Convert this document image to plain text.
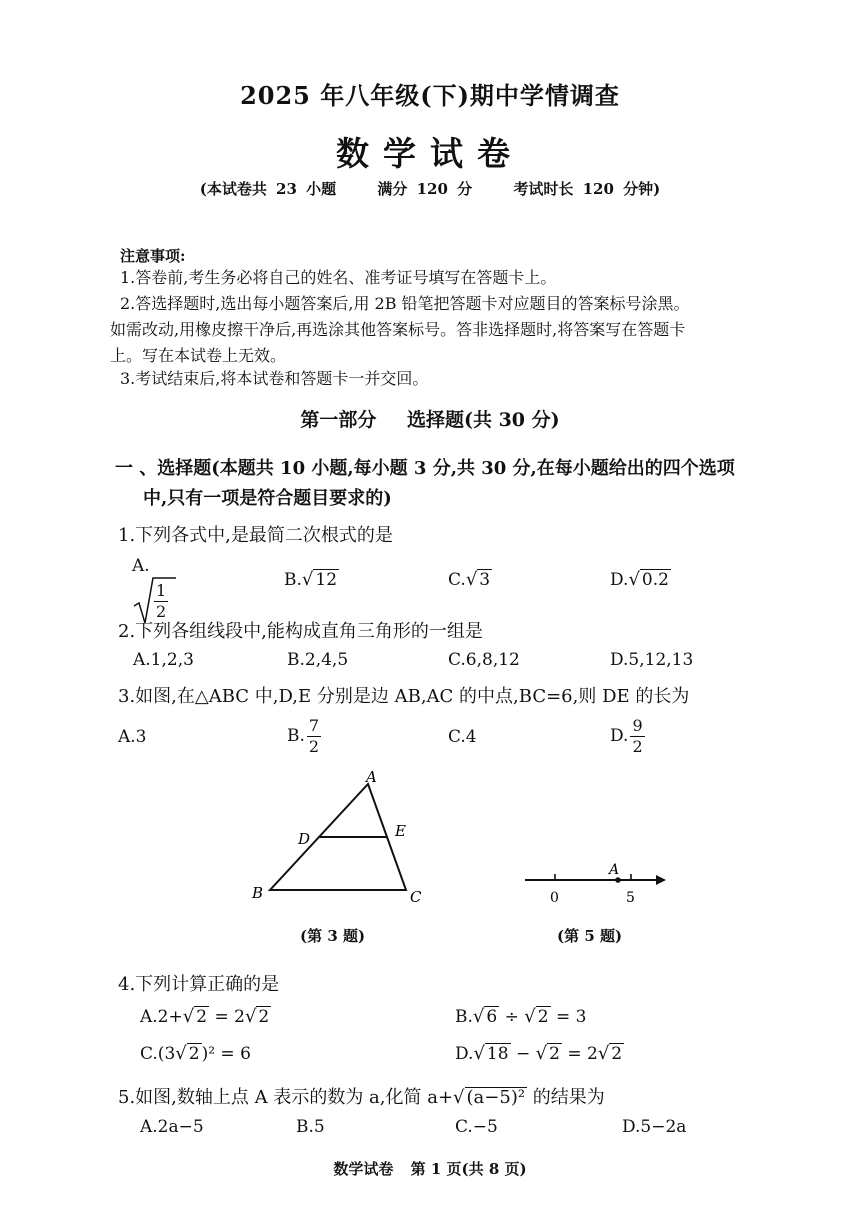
2025 年八年级(下)期中学情调查
数学试卷
(本试卷共 23 小题	满分 120 分	考试时长 120 分钟)
注意事项:
1.答卷前,考生务必将自己的姓名、准考证号填写在答题卡上。
2.答选择题时,选出每小题答案后,用 2B 铅笔把答题卡对应题目的答案标号涂黑。
如需改动,用橡皮擦干净后,再选涂其他答案标号。答非选择题时,将答案写在答题卡
上。写在本试卷上无效。
3.考试结束后,将本试卷和答题卡一并交回。
第一部分 选择题(共 30 分)
一 、选择题(本题共 10 小题,每小题 3 分,共 30 分,在每小题给出的四个选项
中,只有一项是符合题目要求的)
1.下列各式中,是最简二次根式的是
A.
$\frac{1}{2}$
B.√ 12	C.√ 3	D.√ 0.2
2.下列各组线段中,能构成直角三角形的一组是
A.1,2,3	B.2,4,5	C.6,8,12	D.5,12,13
3.如图,在△ABC 中,D,E 分别是边 AB,AC 的中点,BC=6,则 DE 的长为
A.3	B. $\frac{7}{2}$	C.4	D. $\frac{9}{2}$
A
B	C
D	E
(第 3 题)
A
0	5
(第 5 题)
4.下列计算正确的是
A.2+√ 2 = 2√ 2	B.√ 6 ÷ √ 2 = 3
C.(3√ 2 )² = 6	D.√ 18 − √ 2 = 2√ 2
5.如图,数轴上点 A 表示的数为 a,化简 a+√ (a−5)² 的结果为
A.2a−5	B.5	C.−5	D.5−2a
数学试卷 第 1 页(共 8 页)
